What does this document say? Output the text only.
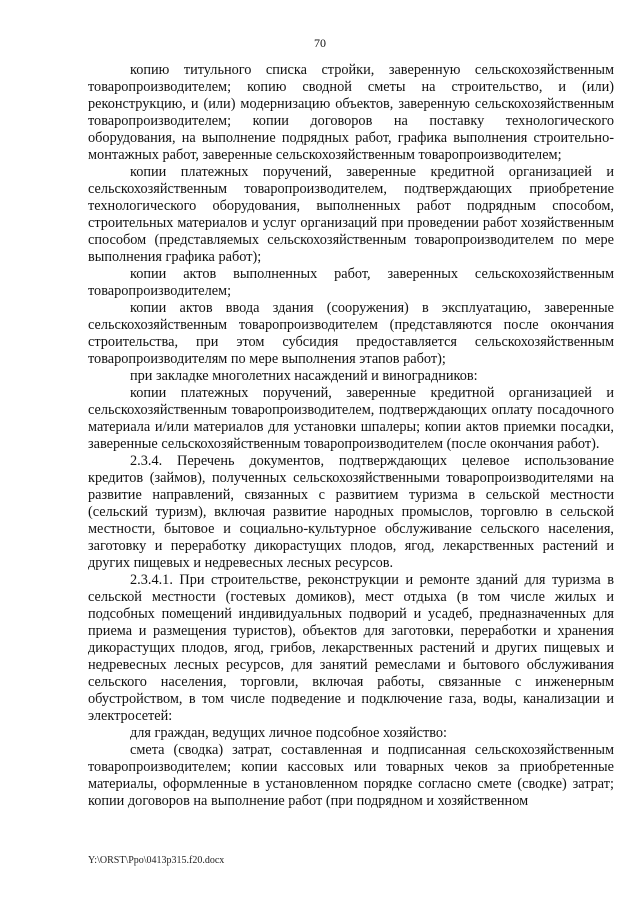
70

копию титульного списка стройки, заверенную сельскохозяйственным товаропроизводителем; копию сводной сметы на строительство, и (или) реконструкцию, и (или) модернизацию объектов, заверенную сельскохозяйственным товаропроизводителем; копии договоров на поставку технологического оборудования, на выполнение подрядных работ, графика выполнения строительно-монтажных работ, заверенные сельскохозяйственным товаропроизводителем;

копии платежных поручений, заверенные кредитной организацией и сельскохозяйственным товаропроизводителем, подтверждающих приобретение технологического оборудования, выполненных работ подрядным способом, строительных материалов и услуг организаций при проведении работ хозяйственным способом (представляемых сельскохозяйственным товаропроизводителем по мере выполнения графика работ);

копии актов выполненных работ, заверенных сельскохозяйственным товаропроизводителем;

копии актов ввода здания (сооружения) в эксплуатацию, заверенные сельскохозяйственным товаропроизводителем (представляются после окончания строительства, при этом субсидия предоставляется сельскохозяйственным товаропроизводителям по мере выполнения этапов работ);

при закладке многолетних насаждений и виноградников:

копии платежных поручений, заверенные кредитной организацией и сельскохозяйственным товаропроизводителем, подтверждающих оплату посадочного материала и/или материалов для установки шпалеры; копии актов приемки посадки, заверенные сельскохозяйственным товаропроизводителем (после окончания работ).

2.3.4. Перечень документов, подтверждающих целевое использование кредитов (займов), полученных сельскохозяйственными товаропроизводителями на развитие направлений, связанных с развитием туризма в сельской местности (сельский туризм), включая развитие народных промыслов, торговлю в сельской местности, бытовое и социально-культурное обслуживание сельского населения, заготовку и переработку дикорастущих плодов, ягод, лекарственных растений и других пищевых и недревесных лесных ресурсов.

2.3.4.1. При строительстве, реконструкции и ремонте зданий для туризма в сельской местности (гостевых домиков), мест отдыха (в том числе жилых и подсобных помещений индивидуальных подворий и усадеб, предназначенных для приема и размещения туристов), объектов для заготовки, переработки и хранения дикорастущих плодов, ягод, грибов, лекарственных растений и других пищевых и недревесных лесных ресурсов, для занятий ремеслами и бытового обслуживания сельского населения, торговли, включая работы, связанные с инженерным обустройством, в том числе подведение и подключение газа, воды, канализации и электросетей:

для граждан, ведущих личное подсобное хозяйство:

смета (сводка) затрат, составленная и подписанная сельскохозяйственным товаропроизводителем; копии кассовых или товарных чеков за приобретенные материалы, оформленные в установленном порядке согласно смете (сводке) затрат; копии договоров на выполнение работ (при подрядном и хозяйственном

Y:\ORST\Ppo\0413p315.f20.docx
